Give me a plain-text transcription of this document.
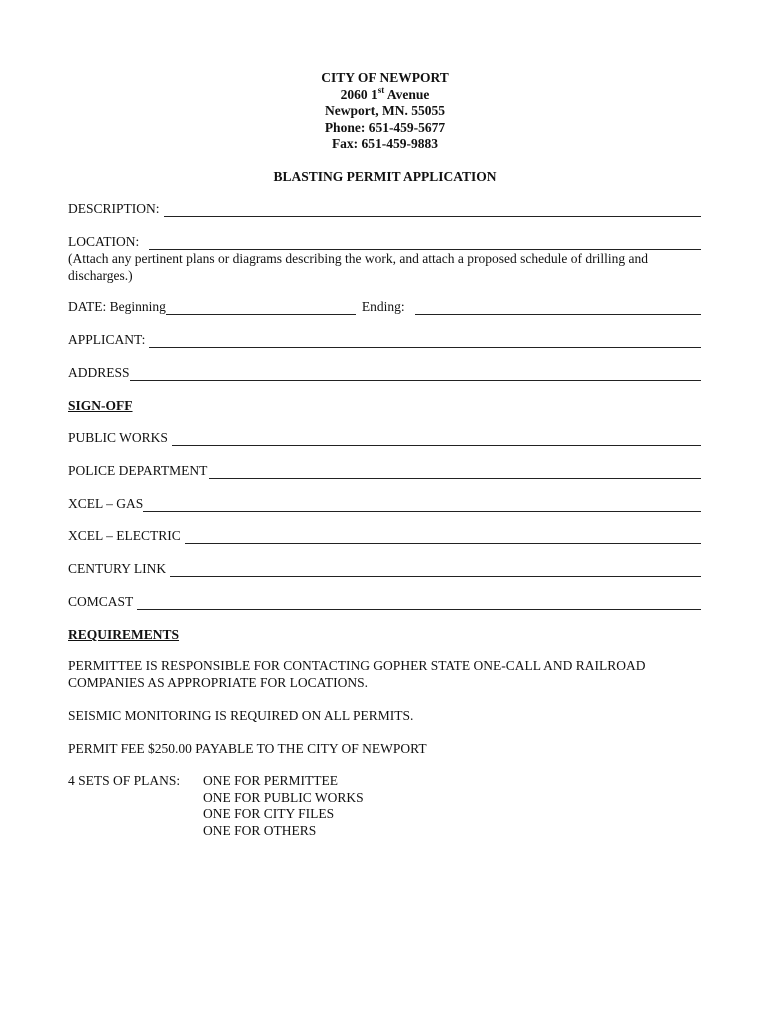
CITY OF NEWPORT
2060 1st Avenue
Newport, MN. 55055
Phone: 651-459-5677
Fax: 651-459-9883
BLASTING PERMIT APPLICATION
DESCRIPTION:
LOCATION:
(Attach any pertinent plans or diagrams describing the work, and attach a proposed schedule of drilling and discharges.)
DATE: Beginning	Ending:
APPLICANT:
ADDRESS
SIGN-OFF
PUBLIC WORKS
POLICE DEPARTMENT
XCEL – GAS
XCEL – ELECTRIC
CENTURY LINK
COMCAST
REQUIREMENTS
PERMITTEE IS RESPONSIBLE FOR CONTACTING GOPHER STATE ONE-CALL AND RAILROAD COMPANIES AS APPROPRIATE FOR LOCATIONS.
SEISMIC MONITORING IS REQUIRED ON ALL PERMITS.
PERMIT FEE $250.00 PAYABLE TO THE CITY OF NEWPORT
4 SETS OF PLANS:	ONE FOR PERMITTEE
ONE FOR PUBLIC WORKS
ONE FOR CITY FILES
ONE FOR OTHERS
